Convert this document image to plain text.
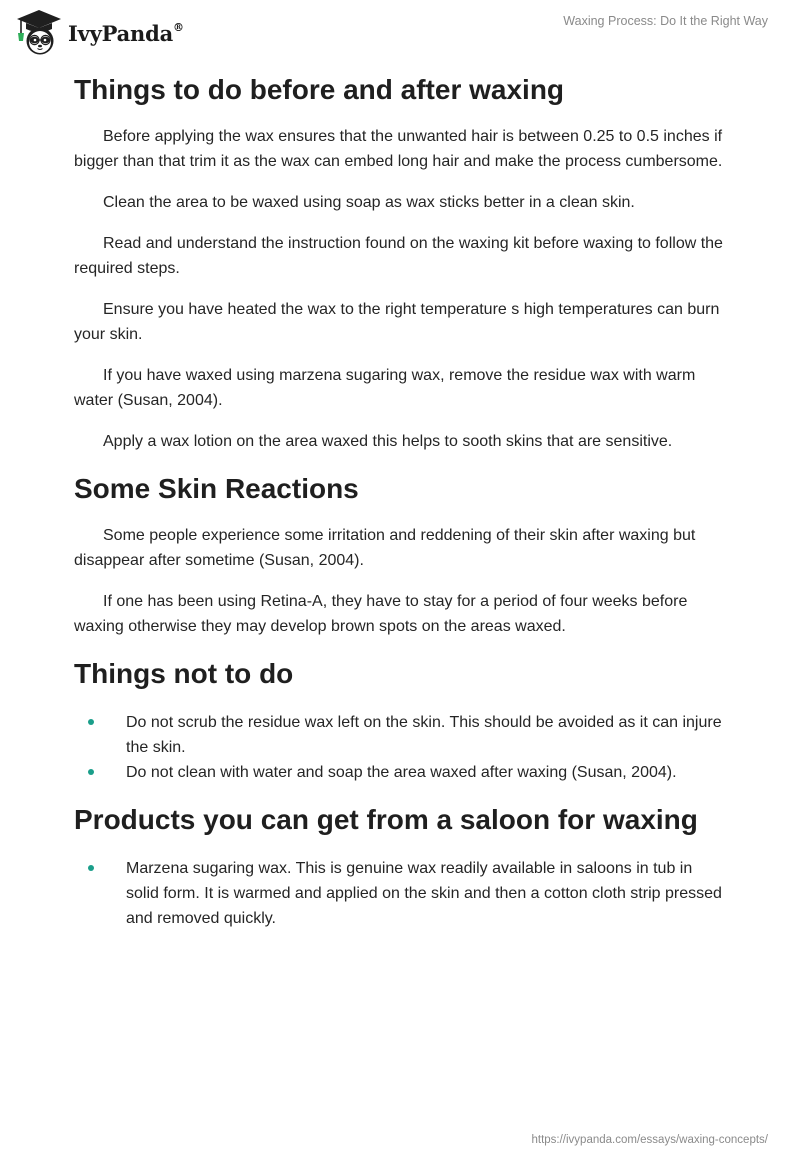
IvyPanda®	Waxing Process: Do It the Right Way
Things to do before and after waxing

Before applying the wax ensures that the unwanted hair is between 0.25 to 0.5 inches if bigger than that trim it as the wax can embed long hair and make the process cumbersome.

Clean the area to be waxed using soap as wax sticks better in a clean skin.

Read and understand the instruction found on the waxing kit before waxing to follow the required steps.

Ensure you have heated the wax to the right temperature s high temperatures can burn your skin.

If you have waxed using marzena sugaring wax, remove the residue wax with warm water (Susan, 2004).

Apply a wax lotion on the area waxed this helps to sooth skins that are sensitive.

Some Skin Reactions

Some people experience some irritation and reddening of their skin after waxing but disappear after sometime (Susan, 2004).

If one has been using Retina-A, they have to stay for a period of four weeks before waxing otherwise they may develop brown spots on the areas waxed.

Things not to do
Do not scrub the residue wax left on the skin. This should be avoided as it can injure the skin.
Do not clean with water and soap the area waxed after waxing (Susan, 2004).
Products you can get from a saloon for waxing
Marzena sugaring wax. This is genuine wax readily available in saloons in tub in solid form. It is warmed and applied on the skin and then a cotton cloth strip pressed and removed quickly.
https://ivypanda.com/essays/waxing-concepts/
